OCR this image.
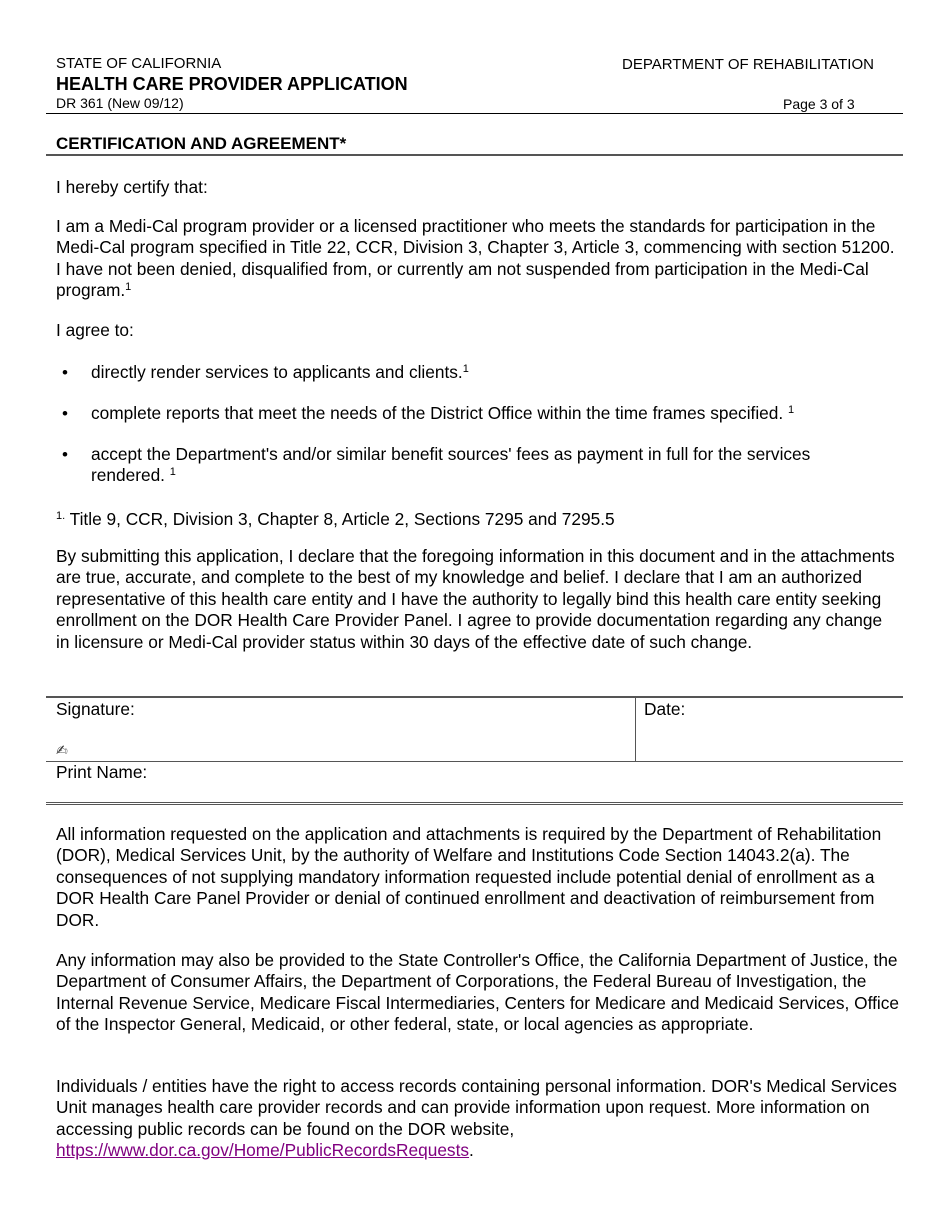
STATE OF CALIFORNIA
HEALTH CARE PROVIDER APPLICATION
DR 361 (New 09/12)
DEPARTMENT OF REHABILITATION
Page 3 of 3
CERTIFICATION AND AGREEMENT*
I hereby certify that:
I am a Medi-Cal program provider or a licensed practitioner who meets the standards for participation in the Medi-Cal program specified in Title 22, CCR, Division 3, Chapter 3, Article 3, commencing with section 51200. I have not been denied, disqualified from, or currently am not suspended from participation in the Medi-Cal program.$^1$
I agree to:
• directly render services to applicants and clients.$^1$
• complete reports that meet the needs of the District Office within the time frames specified. $^1$
• accept the Department's and/or similar benefit sources' fees as payment in full for the services rendered. $^1$
$^{1.}$ Title 9, CCR, Division 3, Chapter 8, Article 2, Sections 7295 and 7295.5
By submitting this application, I declare that the foregoing information in this document and in the attachments are true, accurate, and complete to the best of my knowledge and belief. I declare that I am an authorized representative of this health care entity and I have the authority to legally bind this health care entity seeking enrollment on the DOR Health Care Provider Panel. I agree to provide documentation regarding any change in licensure or Medi-Cal provider status within 30 days of the effective date of such change.
Signature:
✍
Date:
Print Name:
All information requested on the application and attachments is required by the Department of Rehabilitation (DOR), Medical Services Unit, by the authority of Welfare and Institutions Code Section 14043.2(a). The consequences of not supplying mandatory information requested include potential denial of enrollment as a DOR Health Care Panel Provider or denial of continued enrollment and deactivation of reimbursement from DOR.
Any information may also be provided to the State Controller's Office, the California Department of Justice, the Department of Consumer Affairs, the Department of Corporations, the Federal Bureau of Investigation, the Internal Revenue Service, Medicare Fiscal Intermediaries, Centers for Medicare and Medicaid Services, Office of the Inspector General, Medicaid, or other federal, state, or local agencies as appropriate.
Individuals / entities have the right to access records containing personal information. DOR's Medical Services Unit manages health care provider records and can provide information upon request. More information on accessing public records can be found on the DOR website,
https://www.dor.ca.gov/Home/PublicRecordsRequests.
